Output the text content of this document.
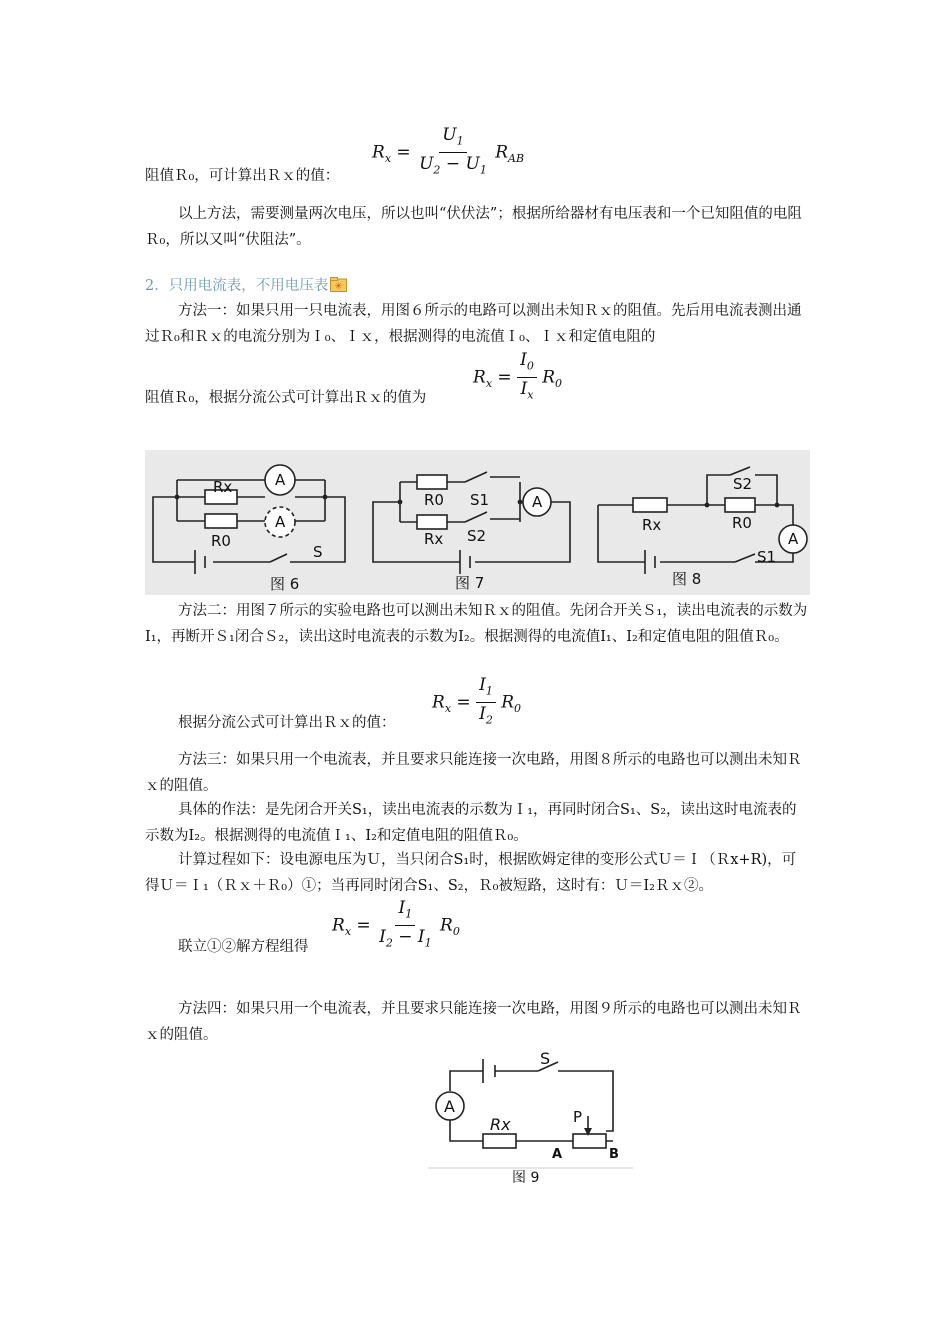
$R_x = \frac{U_1}{U_2 - U_1} R_{AB}$

阻值Ｒ₀，可计算出Ｒｘ的值：

以上方法，需要测量两次电压，所以也叫“伏伏法”；根据所给器材有电压表和一个已知阻值的电阻Ｒ₀，所以又叫“伏阻法”。

2．只用电流表，不用电压表 ✳

方法一：如果只用一只电流表，用图６所示的电路可以测出未知Ｒｘ的阻值。先后用电流表测出通过Ｒ₀和Ｒｘ的电流分别为Ｉ₀、Ｉｘ，根据测得的电流值Ｉ₀、Ｉｘ和定值电阻的

$R_x = \frac{I_0}{I_x} R_0$

阻值Ｒ₀，根据分流公式可计算出Ｒｘ的值为

Rx
R0
A
A
S
图 6
R0
Rx
S1
S2
A
图 7
Rx	R0
S2
S1
A
图 8

方法二：用图７所示的实验电路也可以测出未知Ｒｘ的阻值。先闭合开关Ｓ₁，读出电流表的示数为I₁，再断开Ｓ₁闭合Ｓ₂，读出这时电流表的示数为I₂。根据测得的电流值I₁、I₂和定值电阻的阻值Ｒ₀。

$R_x = \frac{I_1}{I_2} R_0$

根据分流公式可计算出Ｒｘ的值：

方法三：如果只用一个电流表，并且要求只能连接一次电路，用图８所示的电路也可以测出未知Ｒｘ的阻值。

具体的作法：是先闭合开关S₁，读出电流表的示数为Ｉ₁，再同时闭合S₁、S₂，读出这时电流表的示数为I₂。根据测得的电流值Ｉ₁、I₂和定值电阻的阻值Ｒ₀。

计算过程如下：设电源电压为Ｕ，当只闭合S₁时，根据欧姆定律的变形公式Ｕ＝Ｉ（Ｒx+R)，可得Ｕ＝Ｉ₁（Ｒｘ＋Ｒ₀）①；当再同时闭合S₁、S₂，Ｒ₀被短路，这时有：Ｕ＝I₂Ｒｘ②。

$R_x = \frac{I_1}{I_2 - I_1} R_0$

联立①②解方程组得

方法四：如果只用一个电流表，并且要求只能连接一次电路，用图９所示的电路也可以测出未知Ｒｘ的阻值。

S
A
Rx	P
A	B
图 9
